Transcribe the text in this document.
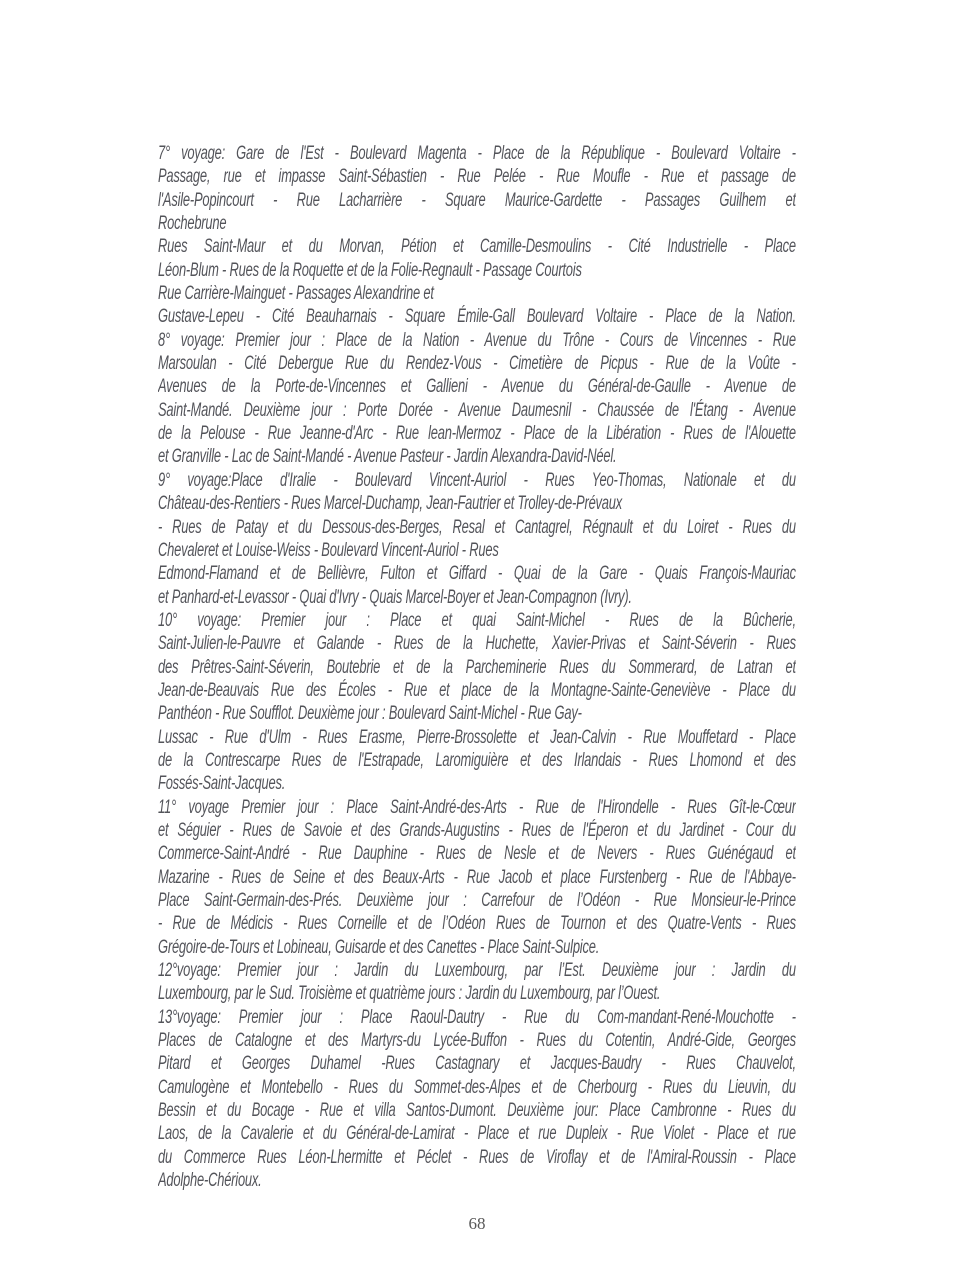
7° voyage: Gare de l'Est - Boulevard Magenta - Place de la République - Boulevard Voltaire -
Passage, rue et impasse Saint-Sébastien - Rue Pelée - Rue Moufle - Rue et passage de
l'Asile-Popincourt - Rue Lacharrière - Square Maurice-Gardette - Passages Guilhem et
Rochebrune
Rues Saint-Maur et du Morvan, Pétion et Camille-Desmoulins - Cité Industrielle - Place
Léon-Blum - Rues de la Roquette et de la Folie-Regnault - Passage Courtois
Rue Carrière-Mainguet - Passages Alexandrine et
Gustave-Lepeu - Cité Beauharnais - Square Émile-Gall Boulevard Voltaire - Place de la Nation.
8° voyage: Premier jour : Place de la Nation - Avenue du Trône - Cours de Vincennes - Rue
Marsoulan - Cité Debergue Rue du Rendez-Vous - Cimetière de Picpus - Rue de la Voûte -
Avenues de la Porte-de-Vincennes et Gallieni - Avenue du Général-de-Gaulle - Avenue de
Saint-Mandé. Deuxième jour : Porte Dorée - Avenue Daumesnil - Chaussée de l'Étang - Avenue
de la Pelouse - Rue Jeanne-d'Arc - Rue lean-Mermoz - Place de la Libération - Rues de l'Alouette
et Granville - Lac de Saint-Mandé - Avenue Pasteur - Jardin Alexandra-David-Néel.
9° voyage:Place d'Iralie - Boulevard Vincent-Auriol - Rues Yeo-Thomas, Nationale et du
Château-des-Rentiers - Rues Marcel-Duchamp, Jean-Fautrier et Trolley-de-Prévaux
- Rues de Patay et du Dessous-des-Berges, Resal et Cantagrel, Régnault et du Loiret - Rues du
Chevaleret et Louise-Weiss - Boulevard Vincent-Auriol - Rues
Edmond-Flamand et de Bellièvre, Fulton et Giffard - Quai de la Gare - Quais François-Mauriac
et Panhard-et-Levassor - Quai d'Ivry - Quais Marcel-Boyer et Jean-Compagnon (Ivry).
10° voyage: Premier jour : Place et quai Saint-Michel - Rues de la Bûcherie,
Saint-Julien-le-Pauvre et Galande - Rues de la Huchette, Xavier-Privas et Saint-Séverin - Rues
des Prêtres-Saint-Séverin, Boutebrie et de la Parcheminerie Rues du Sommerard, de Latran et
Jean-de-Beauvais Rue des Écoles - Rue et place de la Montagne-Sainte-Geneviève - Place du
Panthéon - Rue Soufflot. Deuxième jour : Boulevard Saint-Michel - Rue Gay-
Lussac - Rue d'Ulm - Rues Erasme, Pierre-Brossolette et Jean-Calvin - Rue Mouffetard - Place
de la Contrescarpe Rues de l'Estrapade, Laromiguière et des Irlandais - Rues Lhomond et des
Fossés-Saint-Jacques.
11° voyage Premier jour : Place Saint-André-des-Arts - Rue de l'Hirondelle - Rues Gît-le-Cœur
et Séguier - Rues de Savoie et des Grands-Augustins - Rues de l'Éperon et du Jardinet - Cour du
Commerce-Saint-André - Rue Dauphine - Rues de Nesle et de Nevers - Rues Guénégaud et
Mazarine - Rues de Seine et des Beaux-Arts - Rue Jacob et place Furstenberg - Rue de l'Abbaye-
Place Saint-Germain-des-Prés. Deuxième jour : Carrefour de l’Odéon - Rue Monsieur-le-Prince
- Rue de Médicis - Rues Corneille et de l’Odéon Rues de Tournon et des Quatre-Vents - Rues
Grégoire-de-Tours et Lobineau, Guisarde et des Canettes - Place Saint-Sulpice.
12°voyage: Premier jour : Jardin du Luxembourg, par l’Est. Deuxième jour : Jardin du
Luxembourg, par le Sud. Troisième et quatrième jours : Jardin du Luxembourg, par l’Ouest.
13°voyage: Premier jour : Place Raoul-Dautry - Rue du Com-mandant-René-Mouchotte -
Places de Catalogne et des Martyrs-du Lycée-Buffon - Rues du Cotentin, André-Gide, Georges
Pitard et Georges Duhamel -Rues Castagnary et Jacques-Baudry - Rues Chauvelot,
Camulogène et Montebello - Rues du Sommet-des-Alpes et de Cherbourg - Rues du Lieuvin, du
Bessin et du Bocage - Rue et villa Santos-Dumont. Deuxième jour: Place Cambronne - Rues du
Laos, de la Cavalerie et du Général-de-Lamirat - Place et rue Dupleix - Rue Violet - Place et rue
du Commerce Rues Léon-Lhermitte et Péclet - Rues de Viroflay et de l'Amiral-Roussin - Place
Adolphe-Chérioux.
68
